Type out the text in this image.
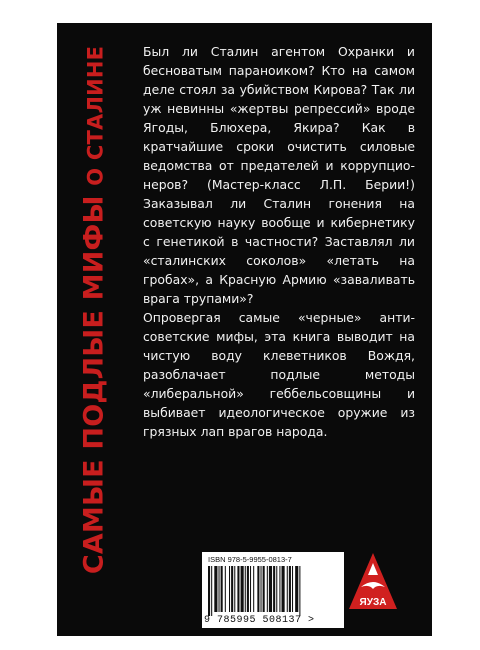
САМЫЕ ПОДЛЫЕ МИФЫ О СТАЛИНЕ	Был ли Сталин агентом Охранки и бесноватым параноиком? Кто на самом деле стоял за убийством Кирова? Так ли уж невинны «жертвы репрессий» вроде Ягоды, Блюхера, Якира? Как в кратчайшие сроки очистить силовые ведомства от предателей и коррупционеров? (Мастер-класс Л.П. Берии!) Заказывал ли Сталин гонения на советскую науку вообще и кибернетику с генетикой в частности? Заставлял ли «сталинских соколов» «летать на гробах», а Красную Армию «заваливать врага трупами»?

Опровергая самые «черные» антисоветские мифы, эта книга выводит на чистую воду клеветников Вождя, разоблачает подлые методы «либеральной» геббельсовщины и выбивает идеологическое оружие из грязных лап врагов народа.

ISBN 978-5-9955-0813-7
9 785995 508137 >
ЯУЗА
